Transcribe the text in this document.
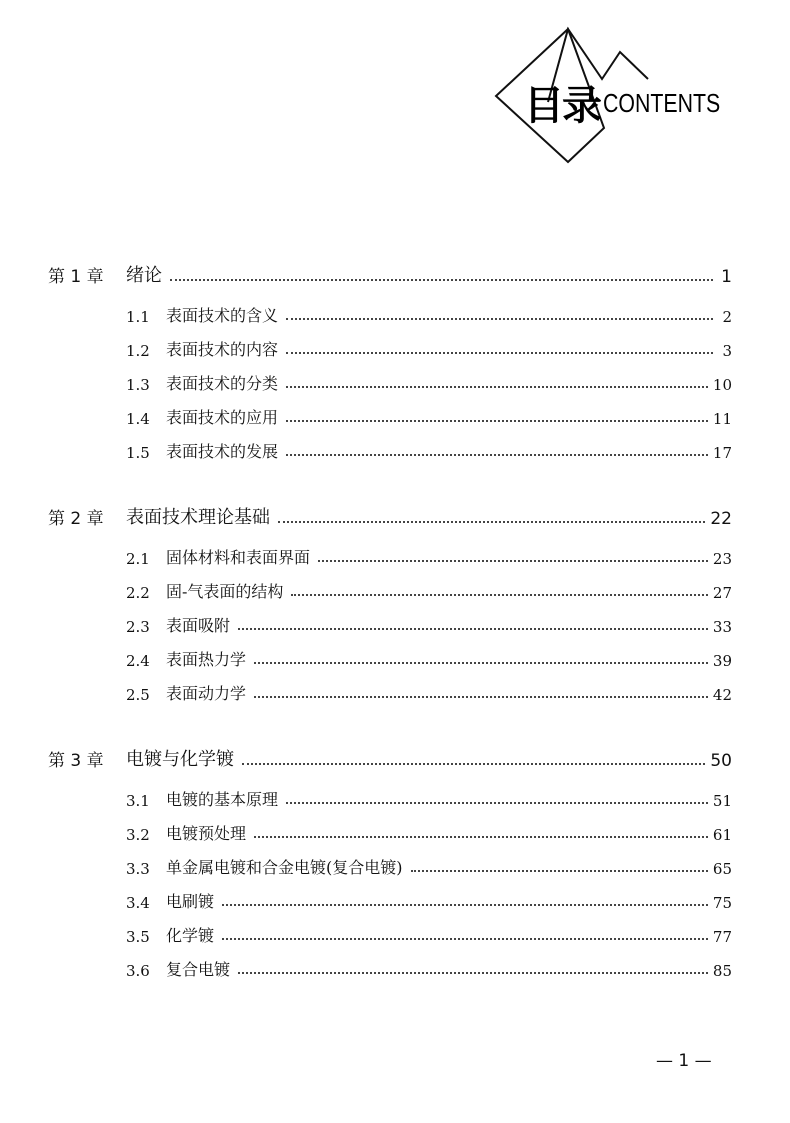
目录 CONTENTS
第 1 章	绪论	1
1.1	表面技术的含义	2
1.2	表面技术的内容	3
1.3	表面技术的分类	10
1.4	表面技术的应用	11
1.5	表面技术的发展	17
第 2 章	表面技术理论基础	22
2.1	固体材料和表面界面	23
2.2	固-气表面的结构	27
2.3	表面吸附	33
2.4	表面热力学	39
2.5	表面动力学	42
第 3 章	电镀与化学镀	50
3.1	电镀的基本原理	51
3.2	电镀预处理	61
3.3	单金属电镀和合金电镀(复合电镀)	65
3.4	电刷镀	75
3.5	化学镀	77
3.6	复合电镀	85
— 1 —
